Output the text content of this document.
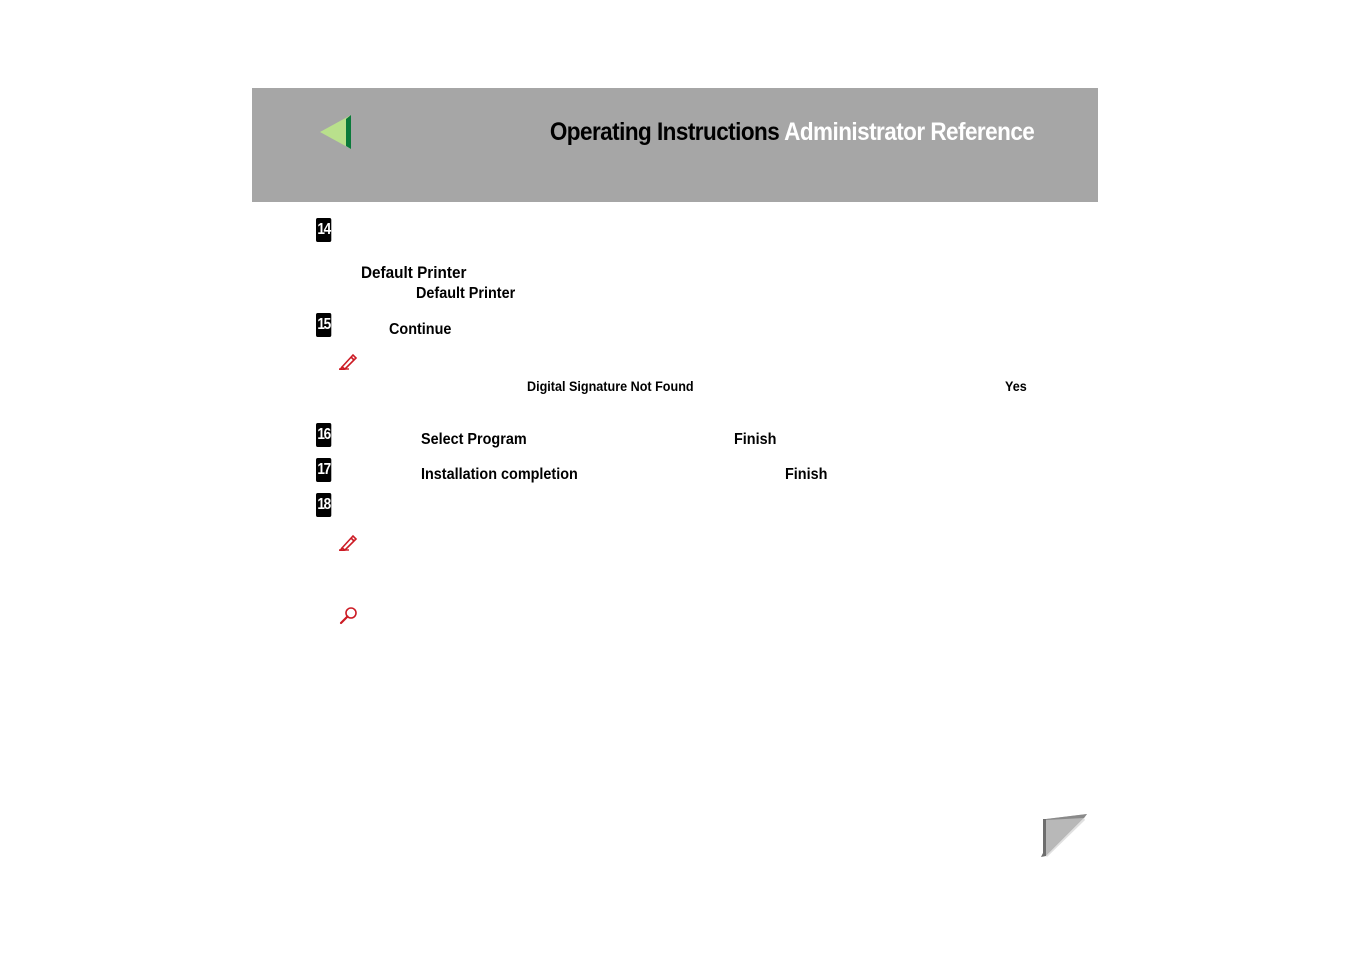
Operating Instructions Administrator Reference
14
Default Printer
Default Printer
15	Continue
Digital Signature Not Found	Yes
16	Select Program	Finish
17	Installation completion	Finish
18
